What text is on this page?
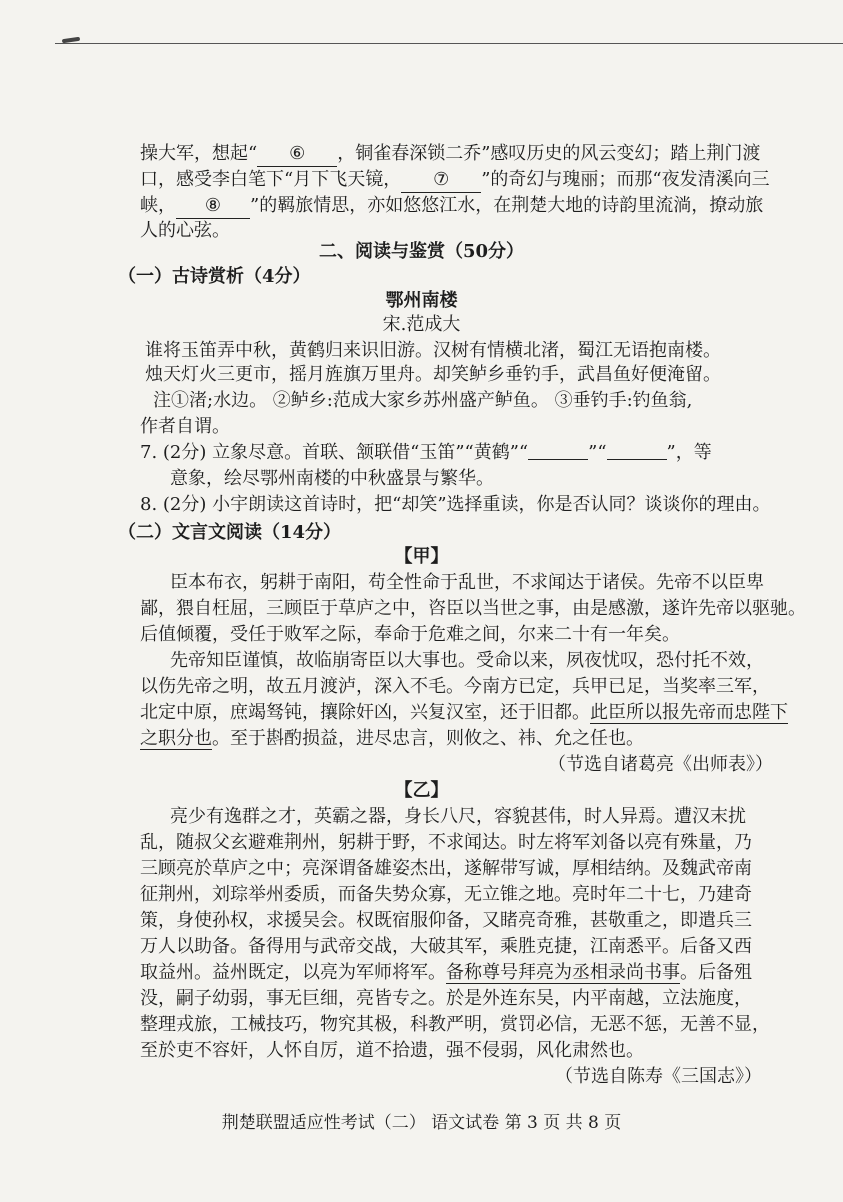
操大军，想起“ ⑥ ，铜雀春深锁二乔”感叹历史的风云变幻；踏上荆门渡
口，感受李白笔下“月下飞天镜， ⑦ ”的奇幻与瑰丽；而那“夜发清溪向三
峡， ⑧ ”的羁旅情思，亦如悠悠江水，在荆楚大地的诗韵里流淌，撩动旅
人的心弦。
二、阅读与鉴赏（50分）
（一）古诗赏析（4分）
鄂州南楼
宋.范成大
谁将玉笛弄中秋，黄鹤归来识旧游。汉树有情横北渚，蜀江无语抱南楼。
烛天灯火三更市，摇月旌旗万里舟。却笑鲈乡垂钓手，武昌鱼好便淹留。
注①渚;水边。 ②鲈乡:范成大家乡苏州盛产鲈鱼。 ③垂钓手:钓鱼翁,
作者自谓。
7. (2分) 立象尽意。首联、颔联借“玉笛”“黄鹤”“	”“	”，等
意象，绘尽鄂州南楼的中秋盛景与繁华。
8. (2分) 小宇朗读这首诗时，把“却笑”选择重读，你是否认同？谈谈你的理由。
（二）文言文阅读（14分）
【甲】
臣本布衣，躬耕于南阳，苟全性命于乱世，不求闻达于诸侯。先帝不以臣卑
鄙，猥自枉屈，三顾臣于草庐之中，咨臣以当世之事，由是感激，遂许先帝以驱驰。
后值倾覆，受任于败军之际，奉命于危难之间，尔来二十有一年矣。
先帝知臣谨慎，故临崩寄臣以大事也。受命以来，夙夜忧叹，恐付托不效，
以伤先帝之明，故五月渡泸，深入不毛。今南方已定，兵甲已足，当奖率三军，
北定中原，庶竭驽钝，攘除奸凶，兴复汉室，还于旧都。此臣所以报先帝而忠陛下
之职分也。至于斟酌损益，进尽忠言，则攸之、祎、允之任也。
（节选自诸葛亮《出师表》）
【乙】
亮少有逸群之才，英霸之器，身长八尺，容貌甚伟，时人异焉。遭汉末扰
乱，随叔父玄避难荆州，躬耕于野，不求闻达。时左将军刘备以亮有殊量，乃
三顾亮於草庐之中；亮深谓备雄姿杰出，遂解带写诚，厚相结纳。及魏武帝南
征荆州，刘琮举州委质，而备失势众寡，无立锥之地。亮时年二十七，乃建奇
策，身使孙权，求援吴会。权既宿服仰备，又睹亮奇雅，甚敬重之，即遣兵三
万人以助备。备得用与武帝交战，大破其军，乘胜克捷，江南悉平。后备又西
取益州。益州既定，以亮为军师将军。备称尊号拜亮为丞相录尚书事。后备殂
没，嗣子幼弱，事无巨细，亮皆专之。於是外连东吴，内平南越，立法施度，
整理戎旅，工械技巧，物究其极，科教严明，赏罚必信，无恶不惩，无善不显，
至於吏不容奸，人怀自厉，道不拾遗，强不侵弱，风化肃然也。
（节选自陈寿《三国志》）
荆楚联盟适应性考试（二） 语文试卷 第 3 页 共 8 页
